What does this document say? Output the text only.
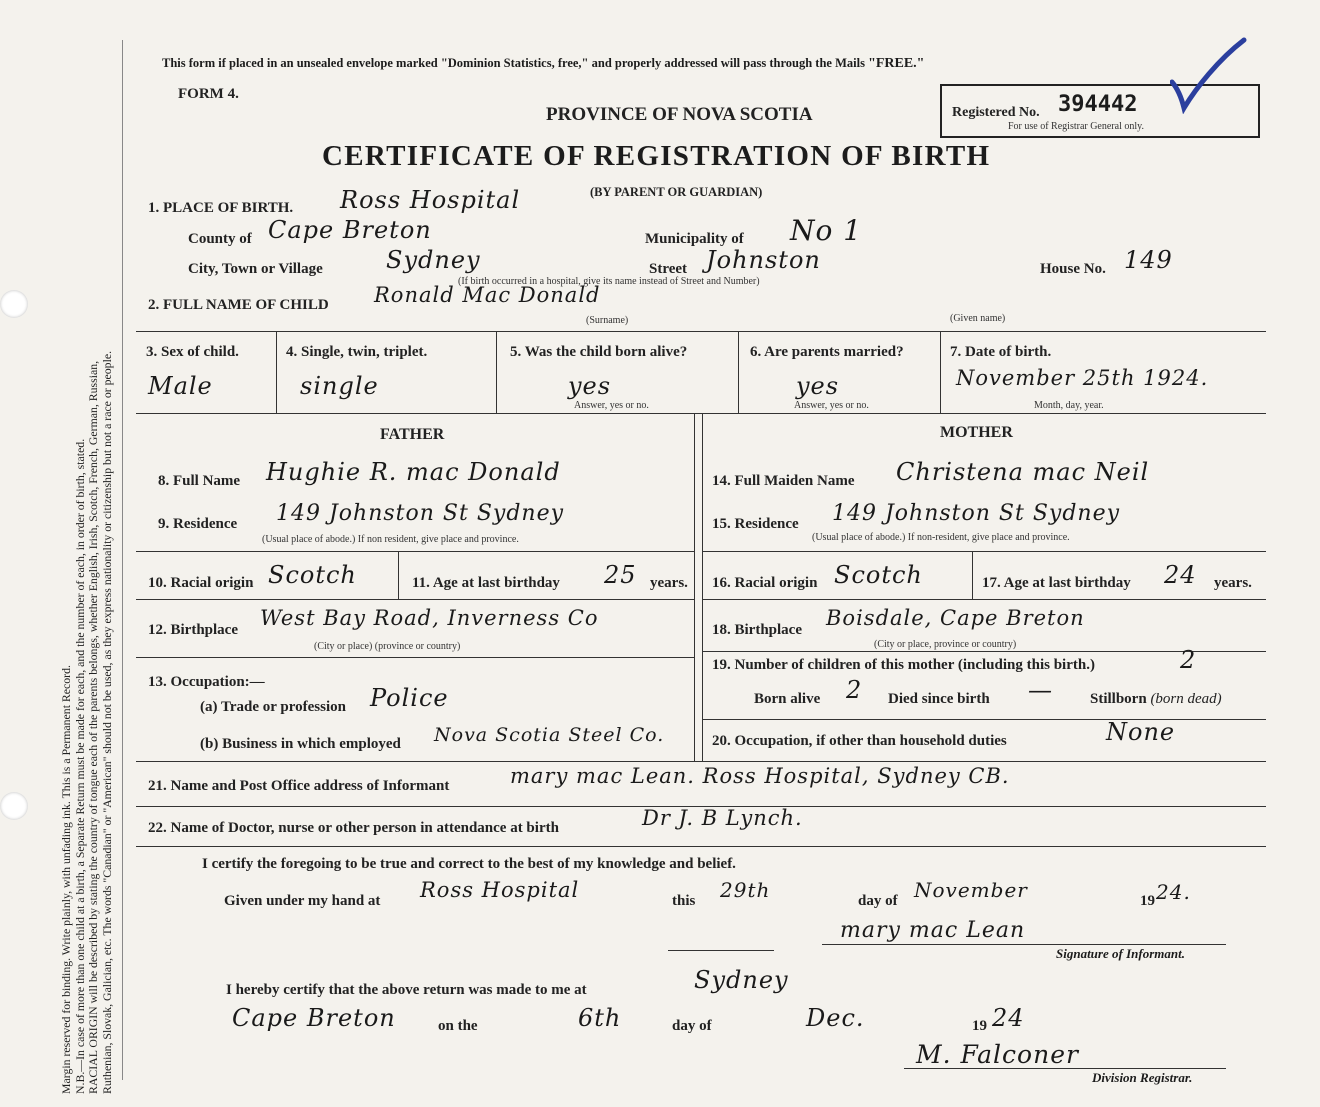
Margin reserved for binding. Write plainly, with unfading ink. This is a Permanent Record. N.B.—In case of more than one child at a birth, a Separate Return must be made for each, and the number of each, in order of birth, stated. RACIAL ORIGIN will be described by stating the country of tongue each of the parents belongs, whether English, Irish, Scotch, French, German, Russian, Ruthenian, Slovak, Galician, etc. The words "Canadian" or "American" should not be used, as they express nationality or citizenship but not a race or people.
This form if placed in an unsealed envelope marked "Dominion Statistics, free," and properly addressed will pass through the Mails "FREE."
FORM 4.
PROVINCE OF NOVA SCOTIA
CERTIFICATE OF REGISTRATION OF BIRTH
(BY PARENT OR GUARDIAN)
Registered No. 394442
For use of Registrar General only.
1. PLACE OF BIRTH. Ross Hospital
County of Cape Breton	Municipality of No 1
City, Town or Village	Sydney	Street Johnston	House No. 149
(If birth occurred in a hospital, give its name instead of Street and Number)
2. FULL NAME OF CHILD Ronald Mac Donald
(Surname)	(Given name)
3. Sex of child.
Male
4. Single, twin, triplet.
single
5. Was the child born alive?
yes
Answer, yes or no.
6. Are parents married?
yes
Answer, yes or no.
7. Date of birth.
November 25th 1924.
Month, day, year.
FATHER	MOTHER
8. Full Name Hughie R. mac Donald
9. Residence 149 Johnston St Sydney
(Usual place of abode.) If non resident, give place and province.
10. Racial origin Scotch	11. Age at last birthday 25 years.
12. Birthplace West Bay Road, Inverness Co
(City or place) (province or country)
13. Occupation:—
(a) Trade or profession Police
(b) Business in which employed Nova Scotia Steel Co.
14. Full Maiden Name Christena mac Neil
15. Residence 149 Johnston St Sydney
(Usual place of abode.) If non-resident, give place and province.
16. Racial origin Scotch	17. Age at last birthday 24 years.
18. Birthplace Boisdale, Cape Breton
(City or place, province or country)
19. Number of children of this mother (including this birth.)	2
Born alive 2 Died since birth — Stillborn (born dead)
20. Occupation, if other than household duties	None
21. Name and Post Office address of Informant	mary mac Lean. Ross Hospital, Sydney CB.
22. Name of Doctor, nurse or other person in attendance at birth	Dr J. B Lynch.
I certify the foregoing to be true and correct to the best of my knowledge and belief.
Given under my hand at Ross Hospital	this 29th	day of November	19 24.
mary mac Lean
Signature of Informant.
I hereby certify that the above return was made to me at	Sydney
Cape Breton	on the	6th	day of	Dec.	19 24
M. Falconer
Division Registrar.
